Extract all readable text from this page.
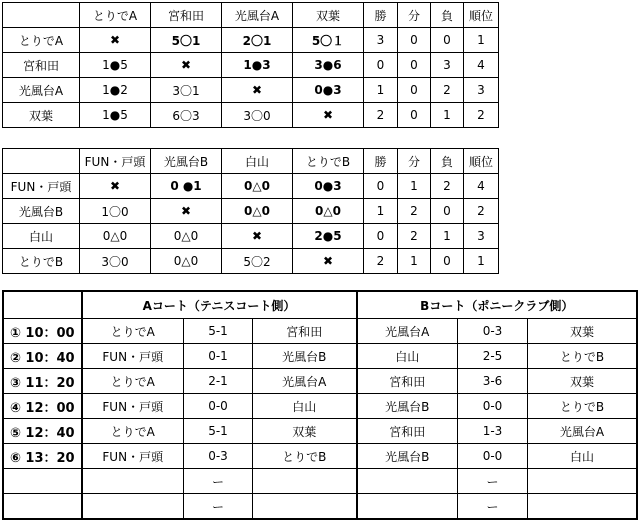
	とりでA	宮和田	光風台A	双葉	勝	分	負	順位
とりでA	✖	5〇1	2〇1	5〇１	3	0	0	1
宮和田	1●5	✖	1●3	3●6	0	0	3	4
光風台A	1●2	3〇1	✖	0●3	1	0	2	3
双葉	1●5	6〇3	3〇0	✖	2	0	1	2
	FUN・戸頭	光風台B	白山	とりでB	勝	分	負	順位
FUN・戸頭	✖	0 ●1	0△0	0●3	0	1	2	4
光風台B	1〇0	✖	0△0	0△0	1	2	0	2
白山	0△0	0△0	✖	2●5	0	2	1	3
とりでB	3〇0	0△0	5〇2	✖	2	1	0	1
	Aコート（テニスコート側）			Bコート（ポニークラブ側）		
① 10：00	とりでA	5-1	宮和田	光風台A	0-3	双葉
② 10：40	FUN・戸頭	0-1	光風台B	白山	2-5	とりでB
③ 11：20	とりでA	2-1	光風台A	宮和田	3-6	双葉
④ 12：00	FUN・戸頭	0-0	白山	光風台B	0-0	とりでB
⑤ 12：40	とりでA	5-1	双葉	宮和田	1-3	光風台A
⑥ 13：20	FUN・戸頭	0-3	とりでB	光風台B	0-0	白山
		ー			ー	
		ー			ー	
